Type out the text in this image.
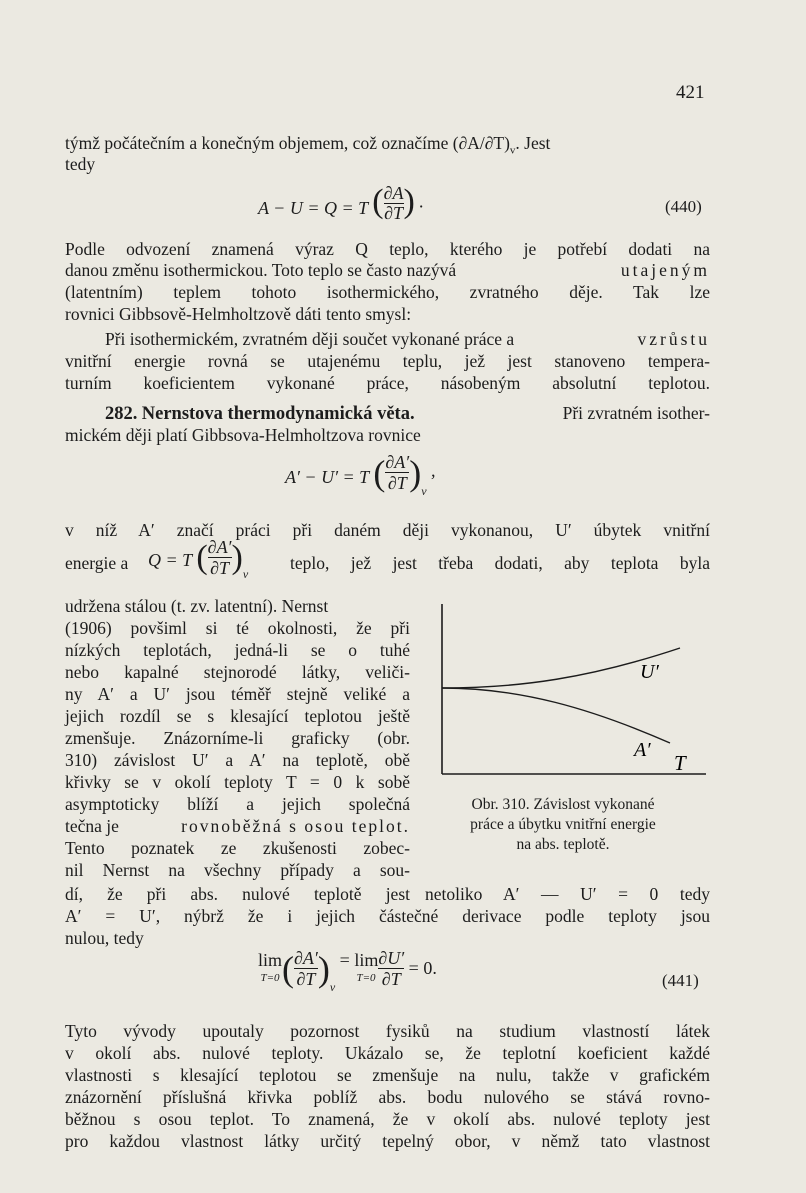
421
týmž počátečním a konečným objemem, což označíme $(\partial A/\partial T)_v$. Jest
tedy
A − U = Q = T ( $\frac{\partial A}{\partial T}$ ) .	(440)
Podle odvození znamená výraz Q teplo, kterého je potřebí dodati na
danou změnu isothermickou. Toto teplo se často nazývá	utajeným
(latentním) teplem tohoto isothermického, zvratného děje. Tak lze
rovnici Gibbsově-Helmholtzově dáti tento smysl:
Při isothermickém, zvratném ději součet vykonané práce a	vzrůstu
vnitřní energie rovná se utajenému teplu, jež jest stanoveno tempera-
turním koeficientem vykonané práce, násobeným absolutní teplotou.
282. Nernstova thermodynamická věta.	Při zvratném isother-
mickém ději platí Gibbsova-Helmholtzova rovnice
A′ − U′ = T ( $\frac{\partial A'}{\partial T} )_v$ ,
v níž A′ značí práci při daném ději vykonanou, U′ úbytek vnitřní
energie a Q = T ( $\frac{\partial A'}{\partial T} )_v$
teplo, jež jest třeba dodati, aby teplota byla
udržena stálou (t. zv. latentní). Nernst
(1906) povšiml si té okolnosti, že při
nízkých teplotách, jedná-li se o tuhé
nebo kapalné stejnorodé látky, veliči-
ny A′ a U′ jsou téměř stejně veliké a
jejich rozdíl se s klesající teplotou ještě
zmenšuje. Znázorníme-li graficky (obr.
310) závislost U′ a A′ na teplotě, obě
křivky se v okolí teploty T = 0 k sobě
asymptoticky blíží a jejich společná
tečna je	rovnoběžná s osou teplot.
Tento poznatek ze zkušenosti zobec-
nil Nernst na všechny případy a sou-
U′
A′
T
Obr. 310. Závislost vykonané
práce a úbytku vnitřní energie
na abs. teplotě.
dí, že při abs. nulové teplotě jest netoliko A′ — U′ = 0 tedy
A′ = U′, nýbrž že i jejich částečné derivace podle teploty jsou
nulou, tedy
lim
T=0 ( $\frac{\partial A'}{\partial T} )_v$
= lim
$T=0 \frac{\partial U'}{\partial T} = 0$.
(441)
Tyto vývody upoutaly pozornost fysiků na studium vlastností látek
v okolí abs. nulové teploty. Ukázalo se, že teplotní koeficient každé
vlastnosti s klesající teplotou se zmenšuje na nulu, takže v grafickém
znázornění příslušná křivka poblíž abs. bodu nulového se stává rovno-
běžnou s osou teplot. To znamená, že v okolí abs. nulové teploty jest
pro každou vlastnost látky určitý tepelný obor, v němž tato vlastnost
